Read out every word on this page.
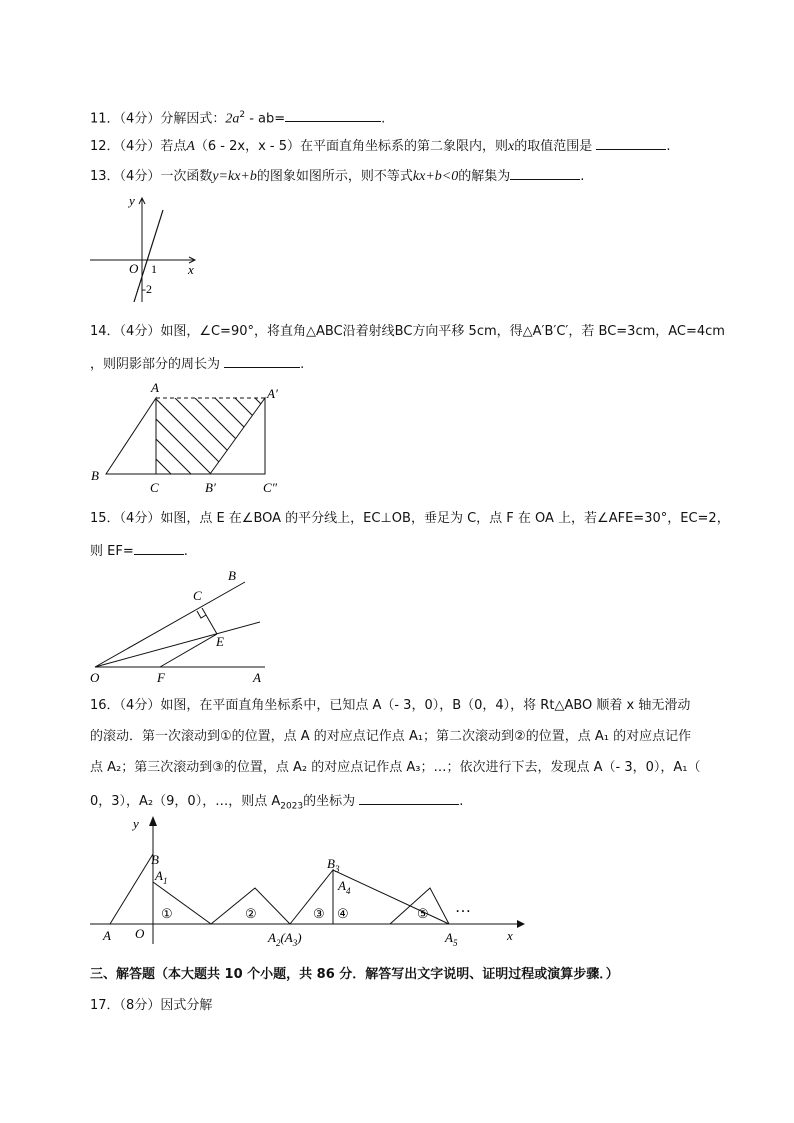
11．（4分）分解因式：$2a^2 - ab=$	.
12．（4分）若点A（6 - 2x，x - 5）在平面直角坐标系的第二象限内，则x的取值范围是	.
13．（4分）一次函数y=kx+b的图象如图所示，则不等式kx+b<0的解集为	.
y
x
O 1
-2
14．（4分）如图，∠C=90°，将直角△ABC沿着射线BC方向平移 5cm，得△A′B′C′，若 BC=3cm，AC=4cm
，则阴影部分的周长为	.
A	A′
B
C	B′	C″
15．（4分）如图，点 E 在∠BOA 的平分线上，EC⊥OB，垂足为 C，点 F 在 OA 上，若∠AFE=30°，EC=2，
则 EF=	.
B
C
E
O	F	A
16．（4分）如图，在平面直角坐标系中，已知点 A（- 3，0），B（0，4），将 Rt△ABO 顺着 x 轴无滑动
的滚动．第一次滚动到①的位置，点 A 的对应点记作点 A₁；第二次滚动到②的位置，点 A₁ 的对应点记作
点 A₂；第三次滚动到③的位置，点 A₂ 的对应点记作点 A₃；…；依次进行下去，发现点 A（- 3，0），A₁（
0，3），A₂（9，0），…，则点 $A_{2023}$的坐标为	.
y
x
O
A
B
$A_1$
$B_3$
$A_4$
$A_2(A_3)$	$A_5$
①	②	③ ④	⑤ …
三、解答题（本大题共 10 个小题，共 86 分．解答写出文字说明、证明过程或演算步骤．）
17．（8分）因式分解
